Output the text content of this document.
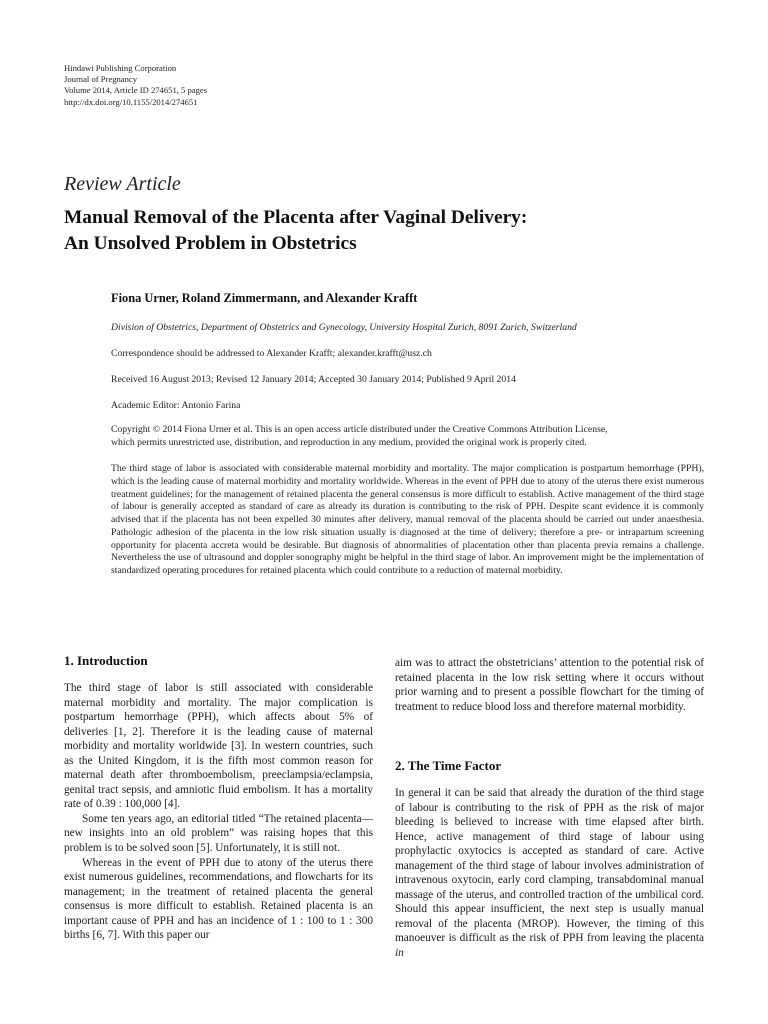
Hindawi Publishing Corporation
Journal of Pregnancy
Volume 2014, Article ID 274651, 5 pages
http://dx.doi.org/10.1155/2014/274651
Review Article
Manual Removal of the Placenta after Vaginal Delivery:
An Unsolved Problem in Obstetrics
Fiona Urner, Roland Zimmermann, and Alexander Krafft
Division of Obstetrics, Department of Obstetrics and Gynecology, University Hospital Zurich, 8091 Zurich, Switzerland
Correspondence should be addressed to Alexander Krafft; alexander.krafft@usz.ch
Received 16 August 2013; Revised 12 January 2014; Accepted 30 January 2014; Published 9 April 2014
Academic Editor: Antonio Farina
Copyright © 2014 Fiona Urner et al. This is an open access article distributed under the Creative Commons Attribution License,
which permits unrestricted use, distribution, and reproduction in any medium, provided the original work is properly cited.
The third stage of labor is associated with considerable maternal morbidity and mortality. The major complication is postpartum hemorrhage (PPH), which is the leading cause of maternal morbidity and mortality worldwide. Whereas in the event of PPH due to atony of the uterus there exist numerous treatment guidelines; for the management of retained placenta the general consensus is more difficult to establish. Active management of the third stage of labour is generally accepted as standard of care as already its duration is contributing to the risk of PPH. Despite scant evidence it is commonly advised that if the placenta has not been expelled 30 minutes after delivery, manual removal of the placenta should be carried out under anaesthesia. Pathologic adhesion of the placenta in the low risk situation usually is diagnosed at the time of delivery; therefore a pre- or intrapartum screening opportunity for placenta accreta would be desirable. But diagnosis of abnormalities of placentation other than placenta previa remains a challenge. Nevertheless the use of ultrasound and doppler sonography might be helpful in the third stage of labor. An improvement might be the implementation of standardized operating procedures for retained placenta which could contribute to a reduction of maternal morbidity.
1. Introduction

The third stage of labor is still associated with considerable maternal morbidity and mortality. The major complication is postpartum hemorrhage (PPH), which affects about 5% of deliveries [1, 2]. Therefore it is the leading cause of maternal morbidity and mortality worldwide [3]. In western countries, such as the United Kingdom, it is the fifth most common reason for maternal death after thromboembolism, preeclampsia/eclampsia, genital tract sepsis, and amniotic fluid embolism. It has a mortality rate of 0.39 : 100,000 [4].

Some ten years ago, an editorial titled “The retained placenta—new insights into an old problem” was raising hopes that this problem is to be solved soon [5]. Unfortunately, it is still not.

Whereas in the event of PPH due to atony of the uterus there exist numerous guidelines, recommendations, and flowcharts for its management; in the treatment of retained placenta the general consensus is more difficult to establish. Retained placenta is an important cause of PPH and has an incidence of 1 : 100 to 1 : 300 births [6, 7]. With this paper our

aim was to attract the obstetricians’ attention to the potential risk of retained placenta in the low risk setting where it occurs without prior warning and to present a possible flowchart for the timing of treatment to reduce blood loss and therefore maternal morbidity.

2. The Time Factor

In general it can be said that already the duration of the third stage of labour is contributing to the risk of PPH as the risk of major bleeding is believed to increase with time elapsed after birth. Hence, active management of third stage of labour using prophylactic oxytocics is accepted as standard of care. Active management of the third stage of labour involves administration of intravenous oxytocin, early cord clamping, transabdominal manual massage of the uterus, and controlled traction of the umbilical cord. Should this appear insufficient, the next step is usually manual removal of the placenta (MROP). However, the timing of this manoeuver is difficult as the risk of PPH from leaving the placenta in
